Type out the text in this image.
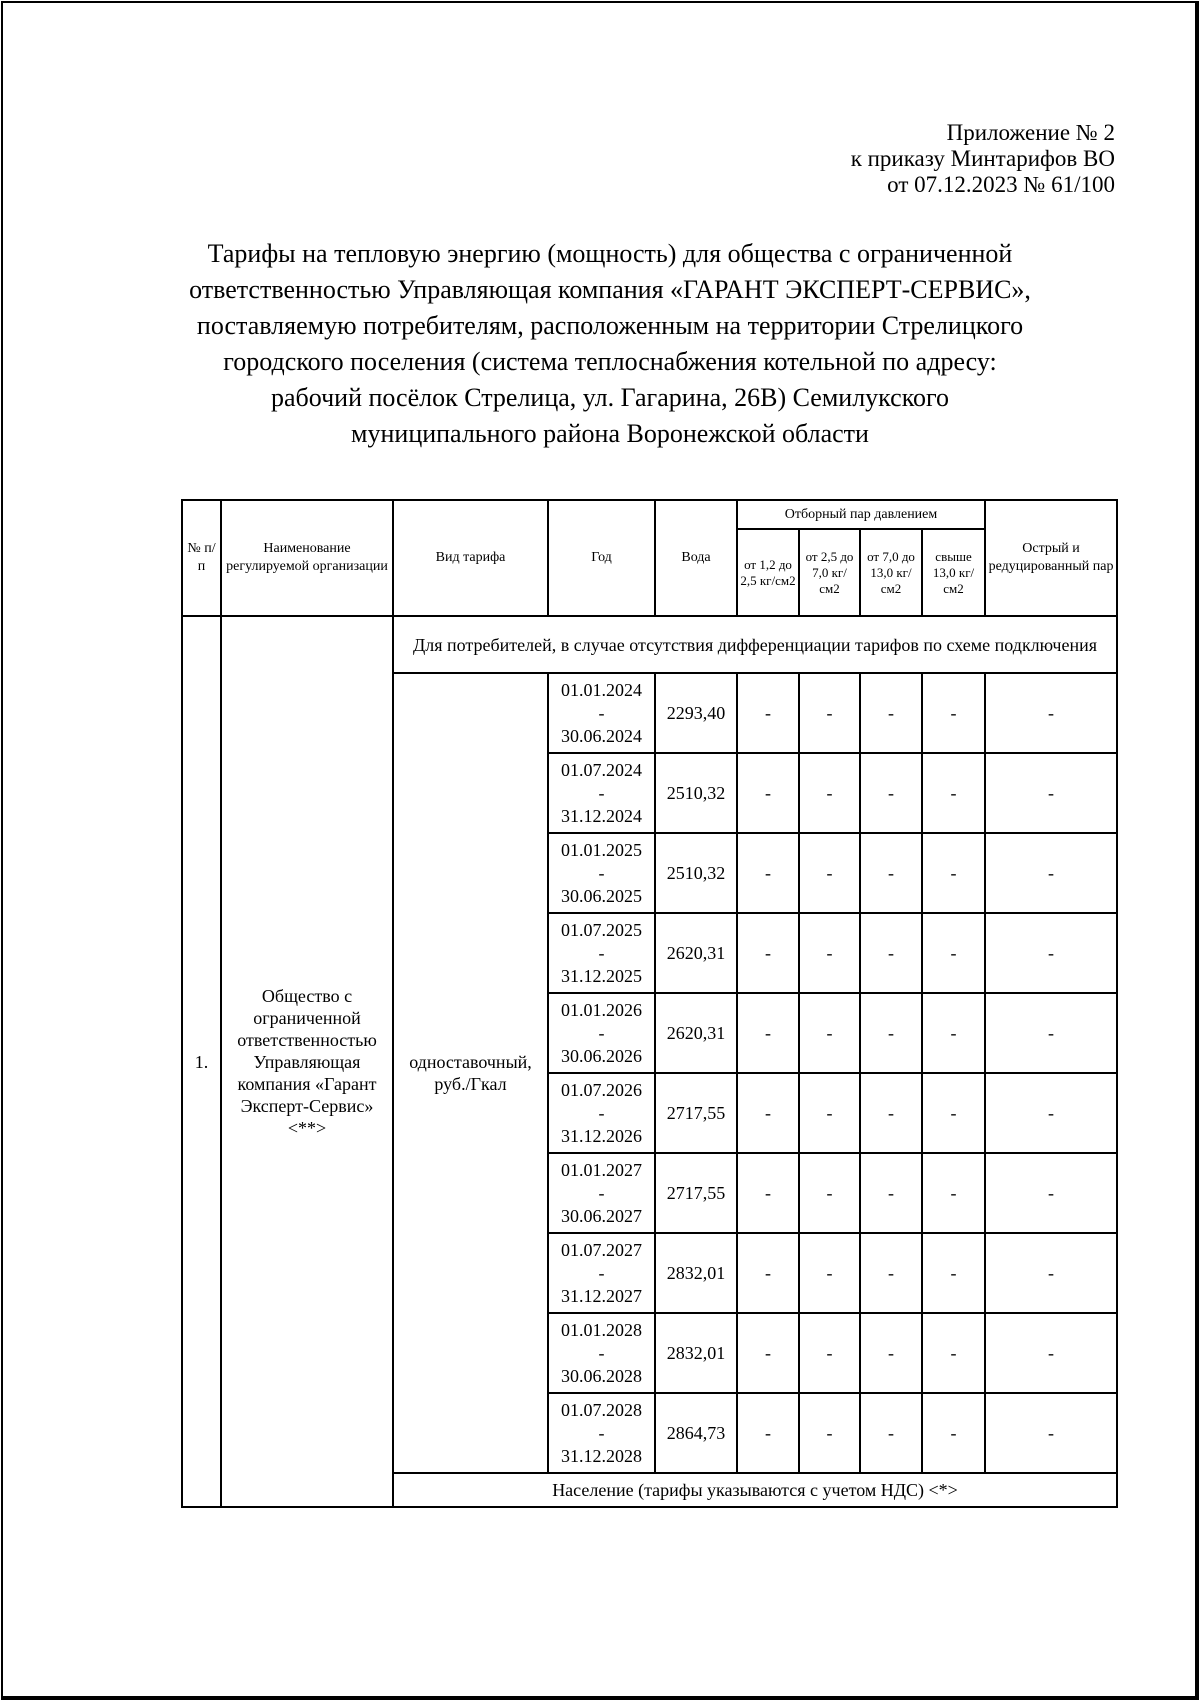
Приложение № 2
к приказу Минтарифов ВО
от 07.12.2023 № 61/100
Тарифы на тепловую энергию (мощность) для общества с ограниченной
ответственностью Управляющая компания «ГАРАНТ ЭКСПЕРТ-СЕРВИС»,
поставляемую потребителям, расположенным на территории Стрелицкого
городского поселения (система теплоснабжения котельной по адресу:
рабочий посёлок Стрелица, ул. Гагарина, 26В) Семилукского
муниципального района Воронежской области
№ п/п	Наименование регулируемой организации	Вид тарифа	Год	Вода	Отборный пар давлением				Острый и редуцированный пар
					от 1,2 до 2,5 кг/см2	от 2,5 до 7,0 кг/см2	от 7,0 до 13,0 кг/см2	свыше 13,0 кг/см2	
1.	Общество с ограниченной ответственностью Управляющая компания «Гарант Эксперт-Сервис» <**>	Для потребителей, в случае отсутствия дифференциации тарифов по схеме подключения							
		одноставочный, руб./Гкал	01.01.2024
-
30.06.2024	2293,40	-	-	-	-	-

			01.07.2024
-
31.12.2024	2510,32	-	-	-	-	-

			01.01.2025
-
30.06.2025	2510,32	-	-	-	-	-

			01.07.2025
-
31.12.2025	2620,31	-	-	-	-	-

			01.01.2026
-
30.06.2026	2620,31	-	-	-	-	-

			01.07.2026
-
31.12.2026	2717,55	-	-	-	-	-

			01.01.2027
-
30.06.2027	2717,55	-	-	-	-	-

			01.07.2027
-
31.12.2027	2832,01	-	-	-	-	-

			01.01.2028
-
30.06.2028	2832,01	-	-	-	-	-

			01.07.2028
-
31.12.2028	2864,73	-	-	-	-	-
		Население (тарифы указываются с учетом НДС) <*>							
